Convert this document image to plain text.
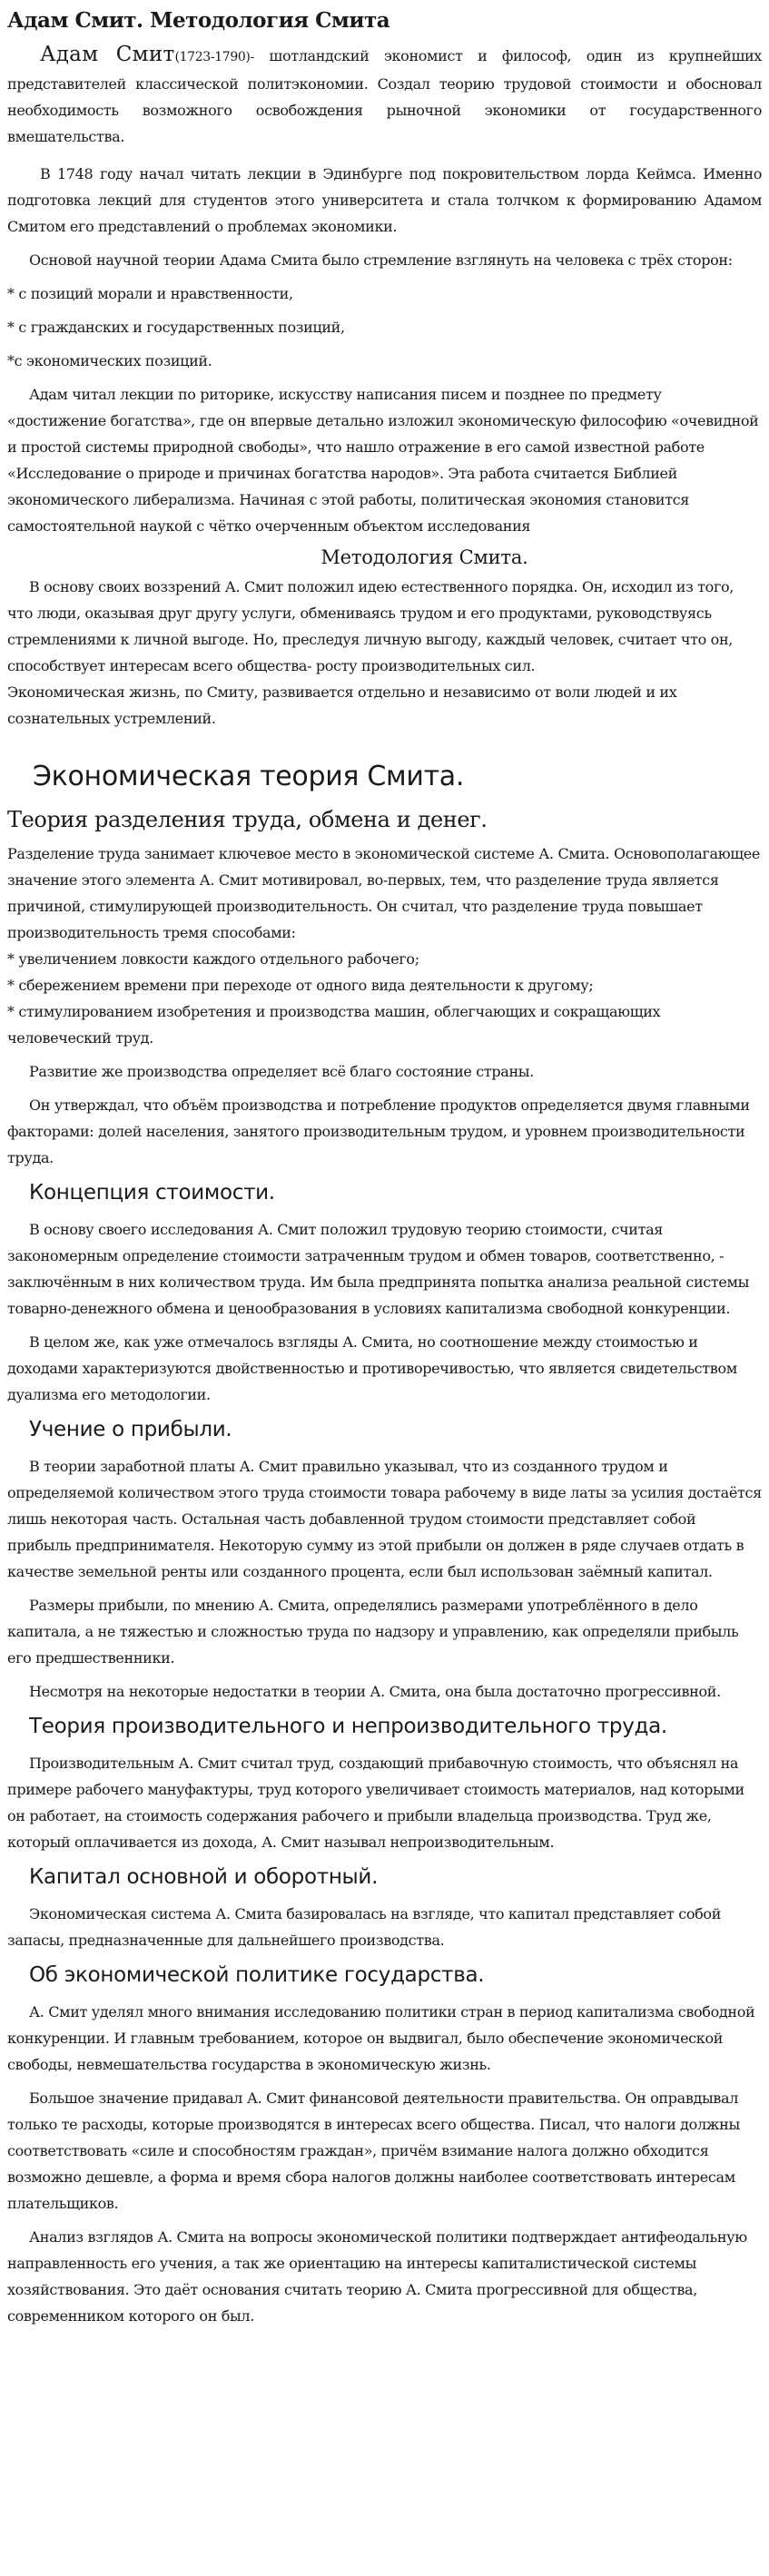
Адам Смит. Методология Смита

Адам Смит(1723-1790)- шотландский экономист и философ, один из крупнейших представителей классической политэкономии. Создал теорию трудовой стоимости и обосновал необходимость возможного освобождения рыночной экономики от государственного вмешательства.

В 1748 году начал читать лекции в Эдинбурге под покровительством лорда Кеймса. Именно подготовка лекций для студентов этого университета и стала толчком к формированию Адамом Смитом его представлений о проблемах экономики.

Основой научной теории Адама Смита было стремление взглянуть на человека с трёх сторон:

* с позиций морали и нравственности,

* с гражданских и государственных позиций,

*с экономических позиций.

Адам читал лекции по риторике, искусству написания писем и позднее по предмету «достижение богатства», где он впервые детально изложил экономическую философию «очевидной и простой системы природной свободы», что нашло отражение в его самой известной работе «Исследование о природе и причинах богатства народов». Эта работа считается Библией экономического либерализма. Начиная с этой работы, политическая экономия становится самостоятельной наукой с чётко очерченным объектом исследования

Методология Смита.

В основу своих воззрений А. Смит положил идею естественного порядка. Он, исходил из того, что люди, оказывая друг другу услуги, обмениваясь трудом и его продуктами, руководствуясь стремлениями к личной выгоде. Но, преследуя личную выгоду, каждый человек, считает что он, способствует интересам всего общества- росту производительных сил.

Экономическая жизнь, по Смиту, развивается отдельно и независимо от воли людей и их сознательных устремлений.

Экономическая теория Смита.
Теория разделения труда, обмена и денег.

Разделение труда занимает ключевое место в экономической системе А. Смита. Основополагающее значение этого элемента А. Смит мотивировал, во-первых, тем, что разделение труда является причиной, стимулирующей производительность. Он считал, что разделение труда повышает производительность тремя способами:

* увеличением ловкости каждого отдельного рабочего;

* сбережением времени при переходе от одного вида деятельности к другому;

* стимулированием изобретения и производства машин, облегчающих и сокращающих человеческий труд.

Развитие же производства определяет всё благо состояние страны.

Он утверждал, что объём производства и потребление продуктов определяется двумя главными факторами: долей населения, занятого производительным трудом, и уровнем производительности труда.

Концепция стоимости.

В основу своего исследования А. Смит положил трудовую теорию стоимости, считая закономерным определение стоимости затраченным трудом и обмен товаров, соответственно, - заключённым в них количеством труда. Им была предпринята попытка анализа реальной системы товарно-денежного обмена и ценообразования в условиях капитализма свободной конкуренции.

В целом же, как уже отмечалось взгляды А. Смита, но соотношение между стоимостью и доходами характеризуются двойственностью и противоречивостью, что является свидетельством дуализма его методологии.

Учение о прибыли.

В теории заработной платы А. Смит правильно указывал, что из созданного трудом и определяемой количеством этого труда стоимости товара рабочему в виде латы за усилия достаётся лишь некоторая часть. Остальная часть добавленной трудом стоимости представляет собой прибыль предпринимателя. Некоторую сумму из этой прибыли он должен в ряде случаев отдать в качестве земельной ренты или созданного процента, если был использован заёмный капитал.

Размеры прибыли, по мнению А. Смита, определялись размерами употреблённого в дело капитала, а не тяжестью и сложностью труда по надзору и управлению, как определяли прибыль его предшественники.

Несмотря на некоторые недостатки в теории А. Смита, она была достаточно прогрессивной.

Теория производительного и непроизводительного труда.

Производительным А. Смит считал труд, создающий прибавочную стоимость, что объяснял на примере рабочего мануфактуры, труд которого увеличивает стоимость материалов, над которыми он работает, на стоимость содержания рабочего и прибыли владельца производства. Труд же, который оплачивается из дохода, А. Смит называл непроизводительным.

Капитал основной и оборотный.

Экономическая система А. Смита базировалась на взгляде, что капитал представляет собой запасы, предназначенные для дальнейшего производства.

Об экономической политике государства.

А. Смит уделял много внимания исследованию политики стран в период капитализма свободной конкуренции. И главным требованием, которое он выдвигал, было обеспечение экономической свободы, невмешательства государства в экономическую жизнь.

Большое значение придавал А. Смит финансовой деятельности правительства. Он оправдывал только те расходы, которые производятся в интересах всего общества. Писал, что налоги должны соответствовать «силе и способностям граждан», причём взимание налога должно обходится возможно дешевле, а форма и время сбора налогов должны наиболее соответствовать интересам плательщиков.

Анализ взглядов А. Смита на вопросы экономической политики подтверждает антифеодальную направленность его учения, а так же ориентацию на интересы капиталистической системы хозяйствования. Это даёт основания считать теорию А. Смита прогрессивной для общества, современником которого он был.
